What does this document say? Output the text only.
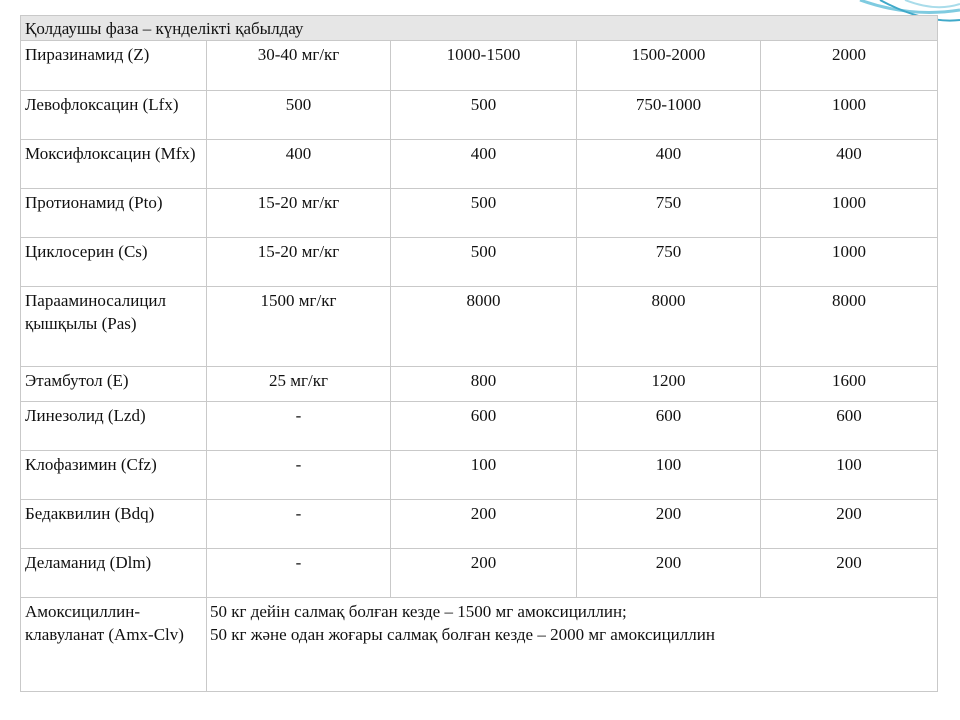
Қолдаушы фаза – күнделікті қабылдау				
Пиразинамид (Z)	30-40 мг/кг	1000-1500	1500-2000	2000
Левофлоксацин (Lfx)	500	500	750-1000	1000
Моксифлоксацин (Mfx)	400	400	400	400
Протионамид (Pto)	15-20 мг/кг	500	750	1000
Циклосерин (Cs)	15-20 мг/кг	500	750	1000
Парааминосалицил қышқылы (Pas)	1500 мг/кг	8000	8000	8000
Этамбутол (E)	25 мг/кг	800	1200	1600
Линезолид (Lzd)	-	600	600	600
Клофазимин (Cfz)	-	100	100	100
Бедаквилин (Bdq)	-	200	200	200
Деламанид (Dlm)	-	200	200	200
Амоксициллин-клавуланат (Amx-Clv)	50 кг дейін салмақ болған кезде – 1500 мг амоксициллин;
50 кг және одан жоғары салмақ болған кезде – 2000 мг амоксициллин			
